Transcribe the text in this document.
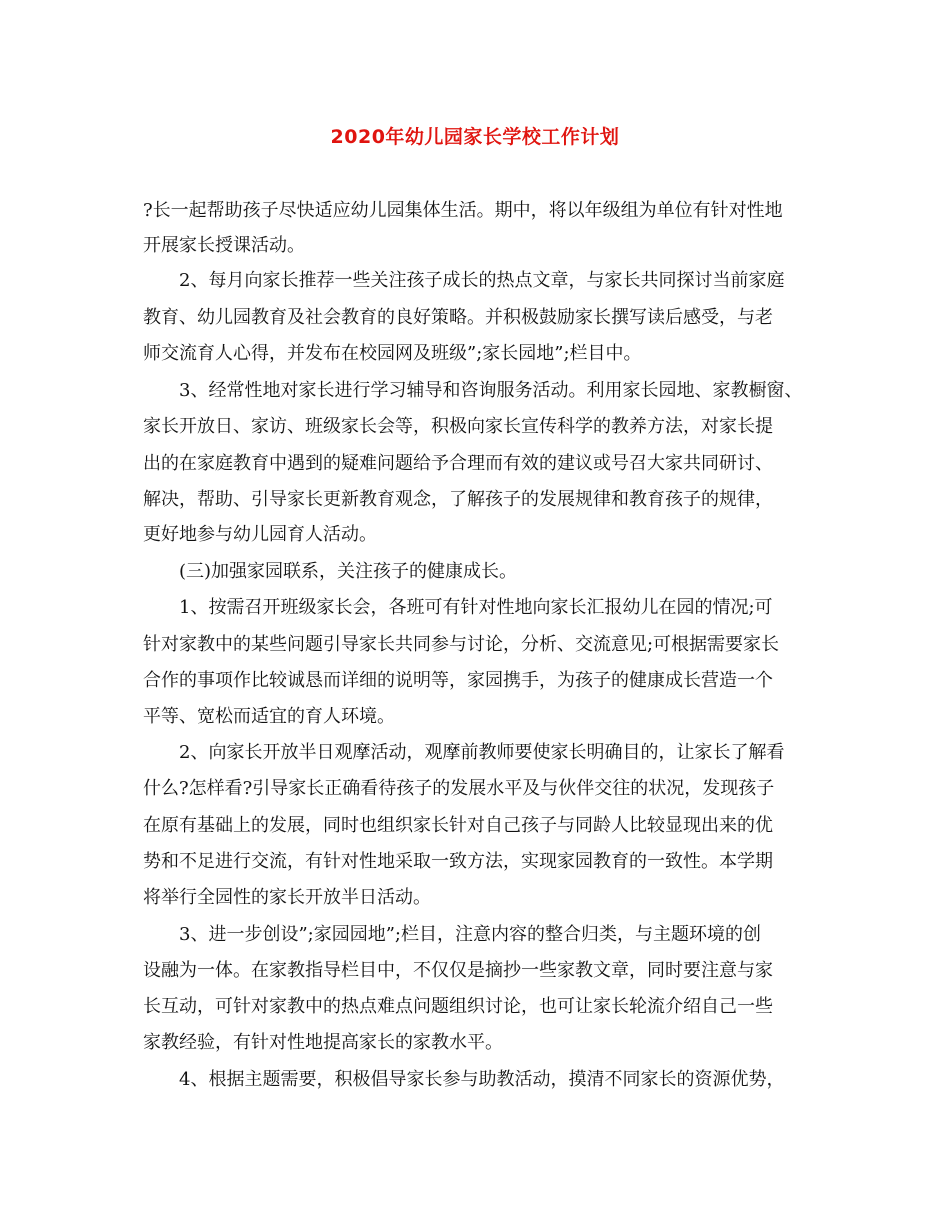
2020年幼儿园家长学校工作计划

?长一起帮助孩子尽快适应幼儿园集体生活。期中，将以年级组为单位有针对性地

开展家长授课活动。

　　2、每月向家长推荐一些关注孩子成长的热点文章，与家长共同探讨当前家庭

教育、幼儿园教育及社会教育的良好策略。并积极鼓励家长撰写读后感受，与老

师交流育人心得，并发布在校园网及班级”;家长园地”;栏目中。

　　3、经常性地对家长进行学习辅导和咨询服务活动。利用家长园地、家教橱窗、

家长开放日、家访、班级家长会等，积极向家长宣传科学的教养方法，对家长提

出的在家庭教育中遇到的疑难问题给予合理而有效的建议或号召大家共同研讨、

解决，帮助、引导家长更新教育观念，了解孩子的发展规律和教育孩子的规律，

更好地参与幼儿园育人活动。

　　(三)加强家园联系，关注孩子的健康成长。

　　1、按需召开班级家长会，各班可有针对性地向家长汇报幼儿在园的情况;可

针对家教中的某些问题引导家长共同参与讨论，分析、交流意见;可根据需要家长

合作的事项作比较诚恳而详细的说明等，家园携手，为孩子的健康成长营造一个

平等、宽松而适宜的育人环境。

　　2、向家长开放半日观摩活动，观摩前教师要使家长明确目的，让家长了解看

什么?怎样看?引导家长正确看待孩子的发展水平及与伙伴交往的状况，发现孩子

在原有基础上的发展，同时也组织家长针对自己孩子与同龄人比较显现出来的优

势和不足进行交流，有针对性地采取一致方法，实现家园教育的一致性。本学期

将举行全园性的家长开放半日活动。

　　3、进一步创设”;家园园地”;栏目，注意内容的整合归类，与主题环境的创

设融为一体。在家教指导栏目中，不仅仅是摘抄一些家教文章，同时要注意与家

长互动，可针对家教中的热点难点问题组织讨论，也可让家长轮流介绍自己一些

家教经验，有针对性地提高家长的家教水平。

　　4、根据主题需要，积极倡导家长参与助教活动，摸清不同家长的资源优势，
